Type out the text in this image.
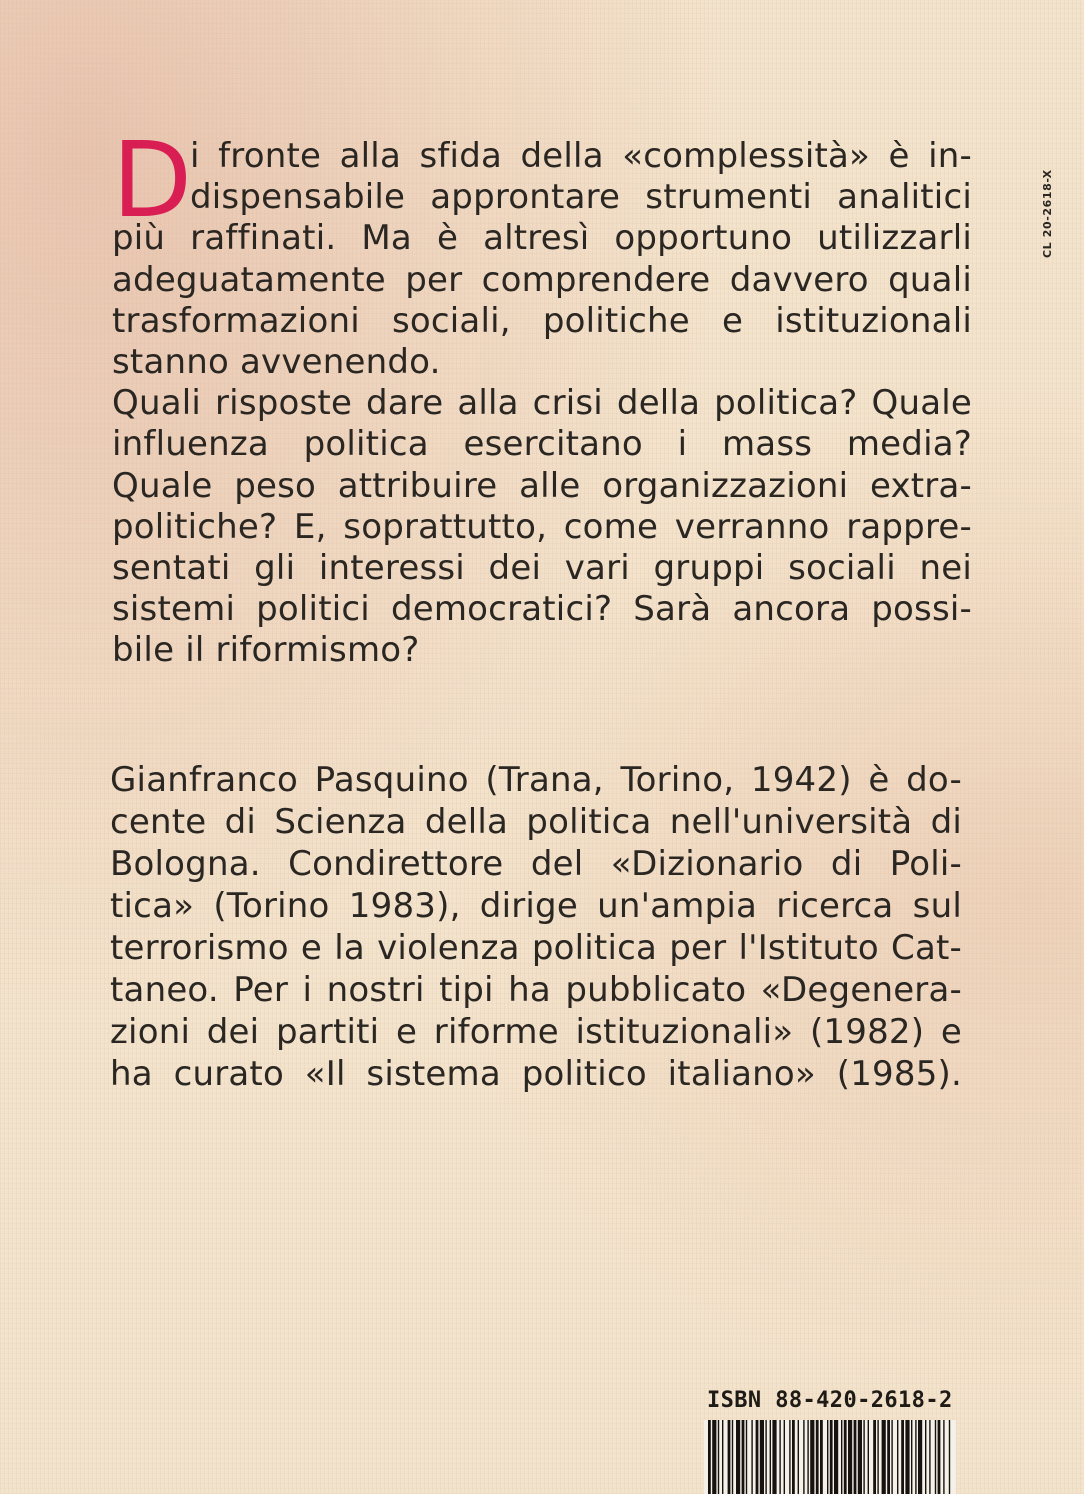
CL 20-2618-X
D
i fronte alla sfida della «complessità» è in-
dispensabile approntare strumenti analitici
più raffinati. Ma è altresì opportuno utilizzarli
adeguatamente per comprendere davvero quali
trasformazioni sociali, politiche e istituzionali
stanno avvenendo.
Quali risposte dare alla crisi della politica? Quale
influenza politica esercitano i mass media?
Quale peso attribuire alle organizzazioni extra-
politiche? E, soprattutto, come verranno rappre-
sentati gli interessi dei vari gruppi sociali nei
sistemi politici democratici? Sarà ancora possi-
bile il riformismo?
Gianfranco Pasquino (Trana, Torino, 1942) è do-
cente di Scienza della politica nell'università di
Bologna. Condirettore del «Dizionario di Poli-
tica» (Torino 1983), dirige un'ampia ricerca sul
terrorismo e la violenza politica per l'Istituto Cat-
taneo. Per i nostri tipi ha pubblicato «Degenera-
zioni dei partiti e riforme istituzionali» (1982) e
ha curato «Il sistema politico italiano» (1985).
ISBN 88-420-2618-2
